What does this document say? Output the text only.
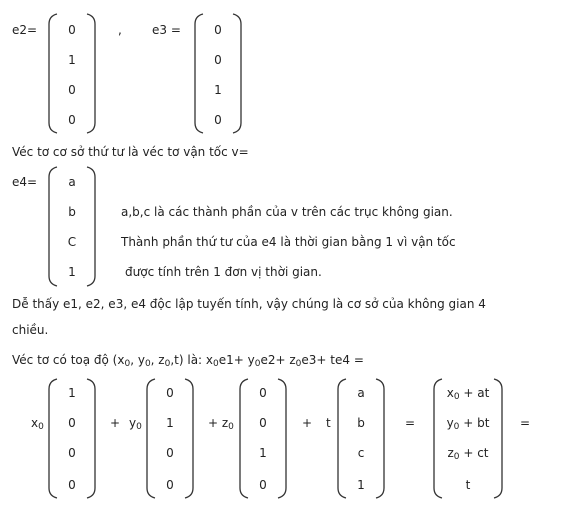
e2=	0
1
0
0
,	e3 =	0
0
1
0
Véc tơ cơ sở thứ tư là véc tơ vận tốc v=
e4=	a
b
C
1
a,b,c là các thành phần của v trên các trục không gian.
Thành phần thứ tư của e4 là thời gian bằng 1 vì vận tốc
được tính trên 1 đơn vị thời gian.
Dễ thấy e1, e2, e3, e4 độc lập tuyến tính, vậy chúng là cơ sở của không gian 4
chiều.
Véc tơ có toạ độ ($x_0$, $y_0$, $z_0,t$) là: $x_0e1+ y_0e2+ z_0e3+ te4$ =
$x_0$
1
0
0
0
+ $y_0$
0
1
0
0
+ $z_0$
0
0
1
0
+ t
a
b
c
1
=
$x_0$ + at
$y_0$ + bt
$z_0$ + ct
t
=
